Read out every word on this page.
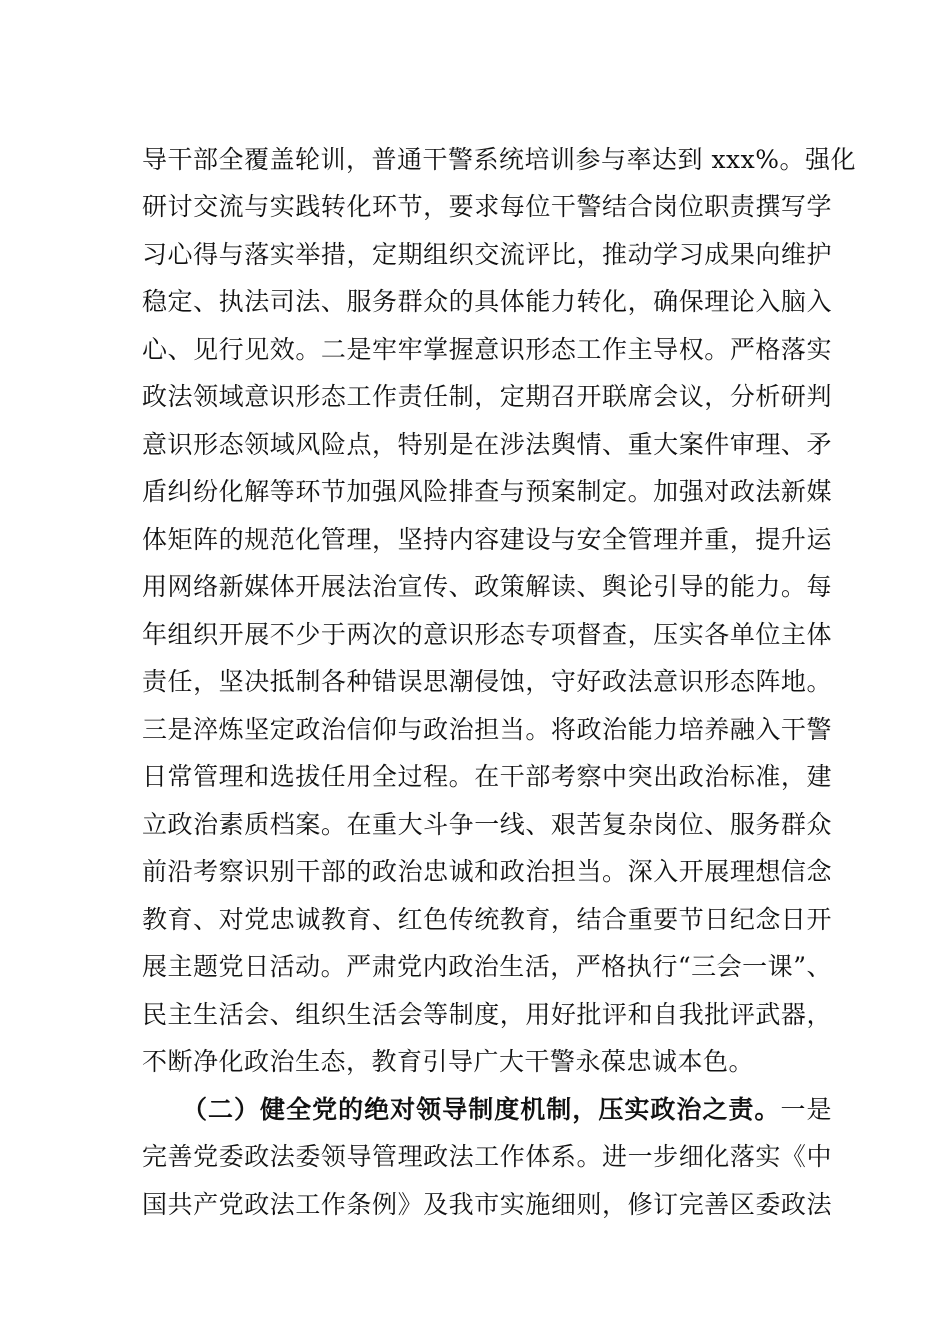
导干部全覆盖轮训，普通干警系统培训参与率达到 xxx%。强化
研讨交流与实践转化环节，要求每位干警结合岗位职责撰写学
习心得与落实举措，定期组织交流评比，推动学习成果向维护
稳定、执法司法、服务群众的具体能力转化，确保理论入脑入
心、见行见效。二是牢牢掌握意识形态工作主导权。严格落实
政法领域意识形态工作责任制，定期召开联席会议，分析研判
意识形态领域风险点，特别是在涉法舆情、重大案件审理、矛
盾纠纷化解等环节加强风险排查与预案制定。加强对政法新媒
体矩阵的规范化管理，坚持内容建设与安全管理并重，提升运
用网络新媒体开展法治宣传、政策解读、舆论引导的能力。每
年组织开展不少于两次的意识形态专项督查，压实各单位主体
责任，坚决抵制各种错误思潮侵蚀，守好政法意识形态阵地。
三是淬炼坚定政治信仰与政治担当。将政治能力培养融入干警
日常管理和选拔任用全过程。在干部考察中突出政治标准，建
立政治素质档案。在重大斗争一线、艰苦复杂岗位、服务群众
前沿考察识别干部的政治忠诚和政治担当。深入开展理想信念
教育、对党忠诚教育、红色传统教育，结合重要节日纪念日开
展主题党日活动。严肃党内政治生活，严格执行“三会一课”、
民主生活会、组织生活会等制度，用好批评和自我批评武器，
不断净化政治生态，教育引导广大干警永葆忠诚本色。
（二）健全党的绝对领导制度机制，压实政治之责。一是
完善党委政法委领导管理政法工作体系。进一步细化落实《中
国共产党政法工作条例》及我市实施细则，修订完善区委政法
